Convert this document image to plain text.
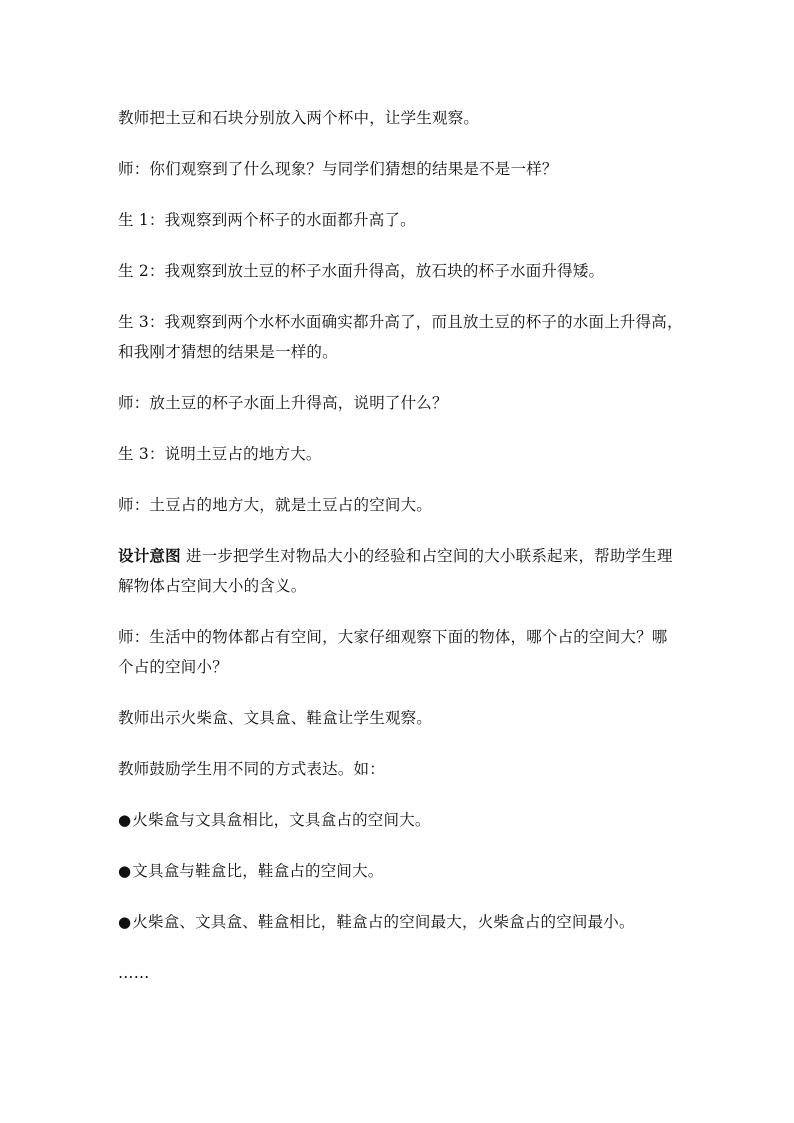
教师把土豆和石块分别放入两个杯中，让学生观察。

师：你们观察到了什么现象？与同学们猜想的结果是不是一样？

生 1：我观察到两个杯子的水面都升高了。

生 2：我观察到放土豆的杯子水面升得高，放石块的杯子水面升得矮。

生 3：我观察到两个水杯水面确实都升高了，而且放土豆的杯子的水面上升得高，和我刚才猜想的结果是一样的。

师：放土豆的杯子水面上升得高，说明了什么？

生 3：说明土豆占的地方大。

师：土豆占的地方大，就是土豆占的空间大。

设计意图 进一步把学生对物品大小的经验和占空间的大小联系起来，帮助学生理解物体占空间大小的含义。

师：生活中的物体都占有空间，大家仔细观察下面的物体，哪个占的空间大？哪个占的空间小？

教师出示火柴盒、文具盒、鞋盒让学生观察。

教师鼓励学生用不同的方式表达。如：

●火柴盒与文具盒相比，文具盒占的空间大。

●文具盒与鞋盒比，鞋盒占的空间大。

●火柴盒、文具盒、鞋盒相比，鞋盒占的空间最大，火柴盒占的空间最小。

……
